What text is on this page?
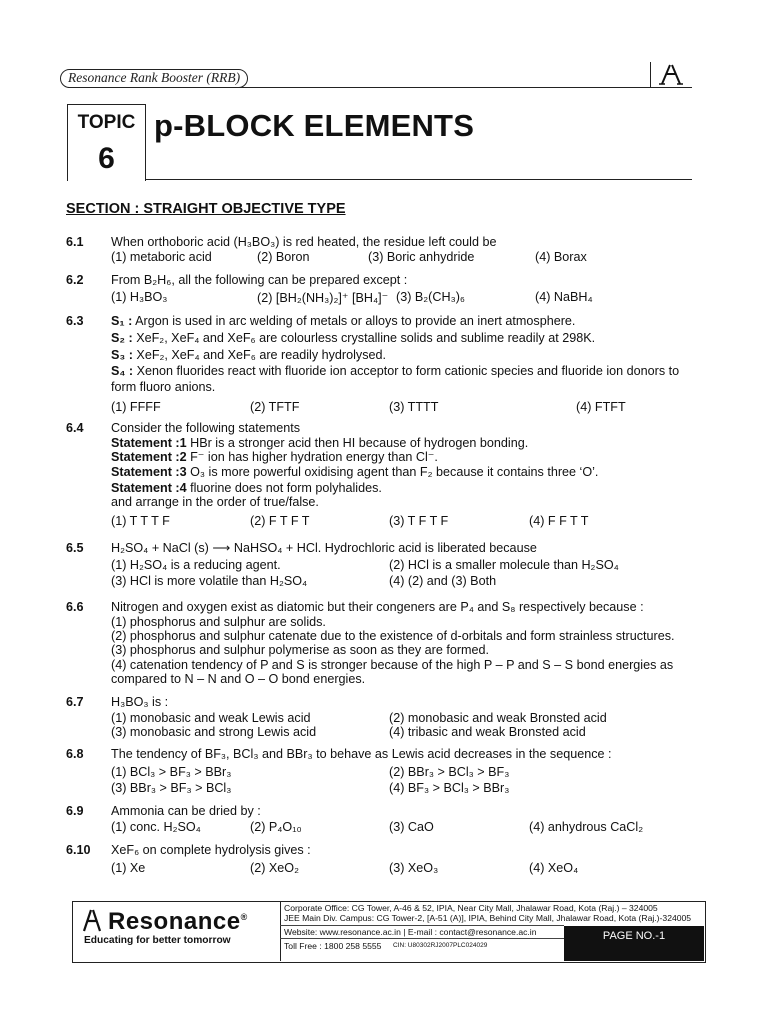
Resonance Rank Booster (RRB)
TOPIC
6
p-BLOCK ELEMENTS
SECTION : STRAIGHT OBJECTIVE TYPE
6.1 When orthoboric acid (H₃BO₃) is red heated, the residue left could be
(1) metaboric acid	(2) Boron	(3) Boric anhydride	(4) Borax
6.2 From B₂H₆, all the following can be prepared except :
(1) H₃BO₃	(2) [BH₂(NH₃)₂]⁺ [BH₄]⁻ (3) B₂(CH₃)₆	(4) NaBH₄
6.3 S₁ : Argon is used in arc welding of metals or alloys to provide an inert atmosphere.
S₂ : XeF₂, XeF₄ and XeF₆ are colourless crystalline solids and sublime readily at 298K.
S₃ : XeF₂, XeF₄ and XeF₆ are readily hydrolysed.
S₄ : Xenon fluorides react with fluoride ion acceptor to form cationic species and fluoride ion donors to
form fluoro anions.
(1) FFFF	(2) TFTF	(3) TTTT	(4) FTFT
6.4 Consider the following statements
Statement :1 HBr is a stronger acid then HI because of hydrogen bonding.
Statement :2 F⁻ ion has higher hydration energy than Cl⁻.
Statement :3 O₃ is more powerful oxidising agent than F₂ because it contains three ‘O’.
Statement :4 fluorine does not form polyhalides.
and arrange in the order of true/false.
(1) T T T F	(2) F T F T	(3) T F T F	(4) F F T T
6.5 H₂SO₄ + NaCl (s) ⟶ NaHSO₄ + HCl. Hydrochloric acid is liberated because
(1) H₂SO₄ is a reducing agent.	(2) HCl is a smaller molecule than H₂SO₄
(3) HCl is more volatile than H₂SO₄	(4) (2) and (3) Both
6.6 Nitrogen and oxygen exist as diatomic but their congeners are P₄ and S₈ respectively because :
(1) phosphorus and sulphur are solids.
(2) phosphorus and sulphur catenate due to the existence of d-orbitals and form strainless structures.
(3) phosphorus and sulphur polymerise as soon as they are formed.
(4) catenation tendency of P and S is stronger because of the high P – P and S – S bond energies as
compared to N – N and O – O bond energies.
6.7 H₃BO₃ is :
(1) monobasic and weak Lewis acid	(2) monobasic and weak Bronsted acid
(3) monobasic and strong Lewis acid	(4) tribasic and weak Bronsted acid
6.8 The tendency of BF₃, BCl₃ and BBr₃ to behave as Lewis acid decreases in the sequence :
(1) BCl₃ > BF₃ > BBr₃	(2) BBr₃ > BCl₃ > BF₃
(3) BBr₃ > BF₃ > BCl₃	(4) BF₃ > BCl₃ > BBr₃
6.9 Ammonia can be dried by :
(1) conc. H₂SO₄	(2) P₄O₁₀	(3) CaO	(4) anhydrous CaCl₂
6.10 XeF₆ on complete hydrolysis gives :
(1) Xe	(2) XeO₂	(3) XeO₃	(4) XeO₄
Resonance®
Educating for better tomorrow
Corporate Office: CG Tower, A-46 & 52, IPIA, Near City Mall, Jhalawar Road, Kota (Raj.) – 324005
JEE Main Div. Campus: CG Tower-2, [A-51 (A)], IPIA, Behind City Mall, Jhalawar Road, Kota (Raj.)-324005
Website: www.resonance.ac.in | E-mail : contact@resonance.ac.in
Toll Free : 1800 258 5555 CIN: U80302RJ2007PLC024029
PAGE NO.-1
